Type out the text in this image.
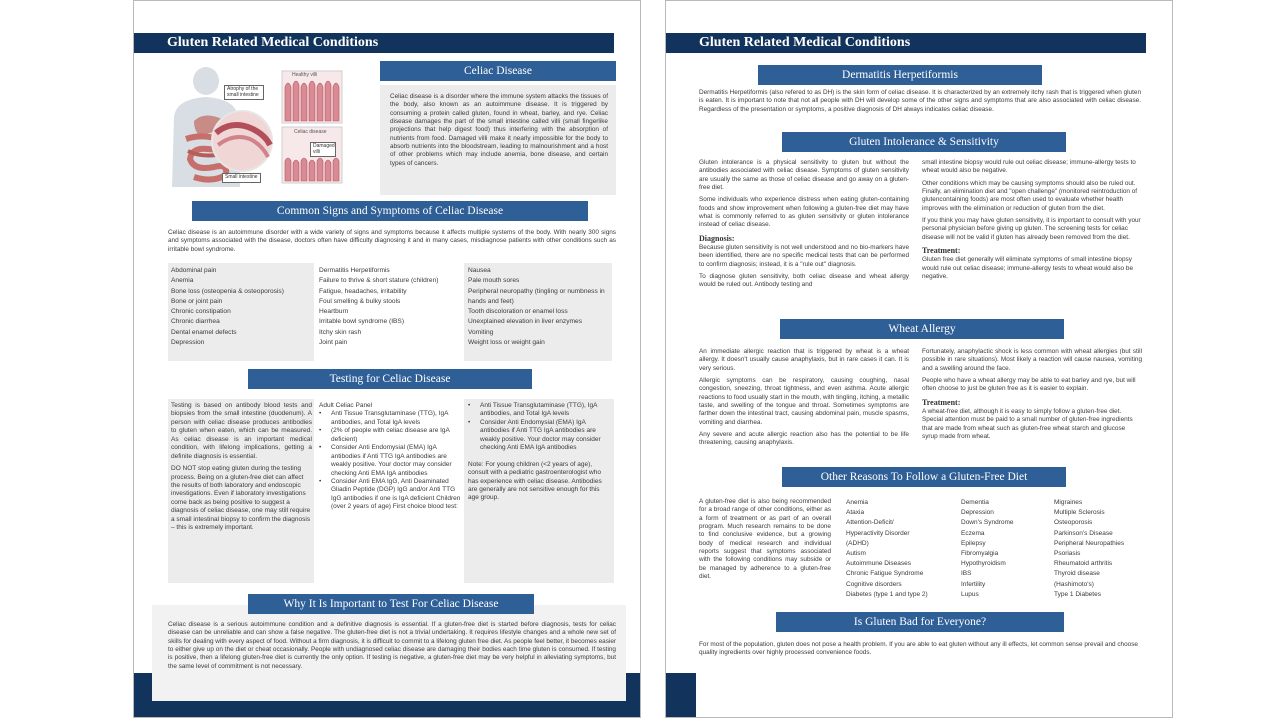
Gluten Related Medical Conditions
Atrophy of the small intestine
Small intestine
Healthy villi
Celiac disease
Damaged villi
Celiac Disease
Celiac disease is a disorder where the immune system attacks the tissues of the body, also known as an autoimmune disease. It is triggered by consuming a protein called gluten, found in wheat, barley, and rye. Celiac disease damages the part of the small intestine called villi (small fingerlike projections that help digest food) thus interfering with the absorption of nutrients from food. Damaged villi make it nearly impossible for the body to absorb nutrients into the bloodstream, leading to malnourishment and a host of other problems which may include anemia, bone disease, and certain types of cancers.
Common Signs and Symptoms of Celiac Disease
Celiac disease is an autoimmune disorder with a wide variety of signs and symptoms because it affects multiple systems of the body. With nearly 300 signs and symptoms associated with the disease, doctors often have difficulty diagnosing it and in many cases, misdiagnose patients with other conditions such as irritable bowl syndrome.
Abdominal pain
Anemia
Bone loss (osteopenia & osteoporosis)
Bone or joint pain
Chronic constipation
Chronic diarrhea
Dental enamel defects
Depression
Dermatitis Herpetiformis
Failure to thrive & short stature (children)
Fatigue, headaches, irritability
Foul smelling & bulky stools
Heartburn
Irritable bowl syndrome (IBS)
Itchy skin rash
Joint pain
Nausea
Pale mouth sores
Peripheral neuropathy (tingling or numbness in hands and feet)
Tooth discoloration or enamel loss
Unexplained elevation in liver enzymes
Vomiting
Weight loss or weight gain
Testing for Celiac Disease

Testing is based on antibody blood tests and biopsies from the small intestine (duodenum). A person with celiac disease produces antibodies to gluten when eaten, which can be measured. As celiac disease is an important medical condition, with lifelong implications, getting a definite diagnosis is essential.

DO NOT stop eating gluten during the testing process. Being on a gluten-free diet can affect the results of both laboratory and endoscopic investigations. Even if laboratory investigations come back as being positive to suggest a diagnosis of celiac disease, one may still require a small intestinal biopsy to confirm the diagnosis – this is extremely important.

Adult Celiac Panel
• Anti Tissue Transglutaminase (TTG), IgA antibodies, and Total IgA levels
• (2% of people with celiac disease are IgA deficient)
• Consider Anti Endomysial (EMA) IgA antibodies if Anti TTG IgA antibodies are weakly positive. Your doctor may consider checking Anti EMA IgA antibodies
• Consider Anti EMA IgG, Anti Deaminated Gliadin Peptide (DGP) IgG and/or Anti TTG IgG antibodies if one is IgA deficient Children (over 2 years of age) First choice blood test:
• Anti Tissue Transglutaminase (TTG), IgA antibodies, and Total IgA levels
• Consider Anti Endomysial (EMA) IgA antibodies if Anti TTG IgA antibodies are weakly positive. Your doctor may consider checking Anti EMA IgA antibodies

Note: For young children (<2 years of age), consult with a pediatric gastroenterologist who has experience with celiac disease. Antibodies are generally are not sensitive enough for this age group.

Why It Is Important to Test For Celiac Disease
Celiac disease is a serious autoimmune condition and a definitive diagnosis is essential. If a gluten-free diet is started before diagnosis, tests for celiac disease can be unreliable and can show a false negative. The gluten-free diet is not a trivial undertaking. It requires lifestyle changes and a whole new set of skills for dealing with every aspect of food. Without a firm diagnosis, it is difficult to commit to a lifelong gluten free diet. As people feel better, it becomes easier to either give up on the diet or cheat occasionally. People with undiagnosed celiac disease are damaging their bodies each time gluten is consumed. If testing is positive, then a lifelong gluten-free diet is currently the only option. If testing is negative, a gluten-free diet may be very helpful in alleviating symptoms, but the same level of commitment is not necessary.
Gluten Related Medical Conditions
Dermatitis Herpetiformis
Dermatitis Herpetiformis (also refered to as DH) is the skin form of celiac disease. It is characterized by an extremely itchy rash that is triggered when gluten is eaten. It is important to note that not all people with DH will develop some of the other signs and symptoms that are also associated with celiac disease. Regardless of the presentation or symptoms, a positive diagnosis of DH always indicates celiac disease.
Gluten Intolerance & Sensitivity

Gluten intolerance is a physical sensitivity to gluten but without the antibodies associated with celiac disease. Symptoms of gluten sensitivity are usually the same as those of celiac disease and go away on a gluten-free diet.

Some individuals who experience distress when eating gluten-containing foods and show improvement when following a gluten-free diet may have what is commonly referred to as gluten sensitivity or gluten intolerance instead of celiac disease.

Diagnosis:

Because gluten sensitivity is not well understood and no bio-markers have been identified, there are no specific medical tests that can be performed to confirm diagnosis; instead, it is a "rule out" diagnosis.

To diagnose gluten sensitivity, both celiac disease and wheat allergy would be ruled out. Antibody testing and

small intestine biopsy would rule out celiac disease; immune-allergy tests to wheat would also be negative.

Other conditions which may be causing symptoms should also be ruled out. Finally, an elimination diet and "open challenge" (monitored reintroduction of glutencontaining foods) are most often used to evaluate whether health improves with the elimination or reduction of gluten from the diet.

If you think you may have gluten sensitivity, it is important to consult with your personal physician before giving up gluten. The screening tests for celiac disease will not be valid if gluten has already been removed from the diet.

Treatment:

Gluten free diet generally will eliminate symptoms of small intestine biopsy would rule out celiac disease; immune-allergy tests to wheat would also be negative.

Wheat Allergy

An immediate allergic reaction that is triggered by wheat is a wheat allergy. It doesn't usually cause anaphylaxis, but in rare cases it can. It is very serious.

Allergic symptoms can be respiratory, causing coughing, nasal congestion, sneezing, throat tightness, and even asthma. Acute allergic reactions to food usually start in the mouth, with tingling, itching, a metallic taste, and swelling of the tongue and throat. Sometimes symptoms are farther down the intestinal tract, causing abdominal pain, muscle spasms, vomiting and diarrhea.

Any severe and acute allergic reaction also has the potential to be life threatening, causing anaphylaxis.

Fortunately, anaphylactic shock is less common with wheat allergies (but still possible in rare situations). Most likely a reaction will cause nausea, vomiting and a swelling around the face.

People who have a wheat allergy may be able to eat barley and rye, but will often choose to just be gluten free as it is easier to explain.

Treatment:

A wheat-free diet, although it is easy to simply follow a gluten-free diet. Special attention must be paid to a small number of gluten-free ingredients that are made from wheat such as gluten-free wheat starch and glucose syrup made from wheat.

Other Reasons To Follow a Gluten-Free Diet
A gluten-free diet is also being recommended for a broad range of other conditions, either as a form of treatment or as part of an overall program. Much research remains to be done to find conclusive evidence, but a growing body of medical research and individual reports suggest that symptoms associated with the following conditions may subside or be managed by adherence to a gluten-free diet.
Anemia
Ataxia
Attention-Deficit/
Hyperactivity Disorder
(ADHD)
Autism
Autoimmune Diseases
Chronic Fatigue Syndrome
Cognitive disorders
Diabetes (type 1 and type 2)
Dementia
Depression
Down's Syndrome
Eczema
Epilepsy
Fibromyalgia
Hypothyroidism
IBS
Infertility
Lupus
Migraines
Multiple Sclerosis
Osteoporosis
Parkinson's Disease
Peripheral Neuropathies
Psoriasis
Rheumatoid arthritis
Thyroid disease
(Hashimoto's)
Type 1 Diabetes
Is Gluten Bad for Everyone?
For most of the population, gluten does not pose a health problem. If you are able to eat gluten without any ill effects, let common sense prevail and choose quality ingredients over highly processed convenience foods.
